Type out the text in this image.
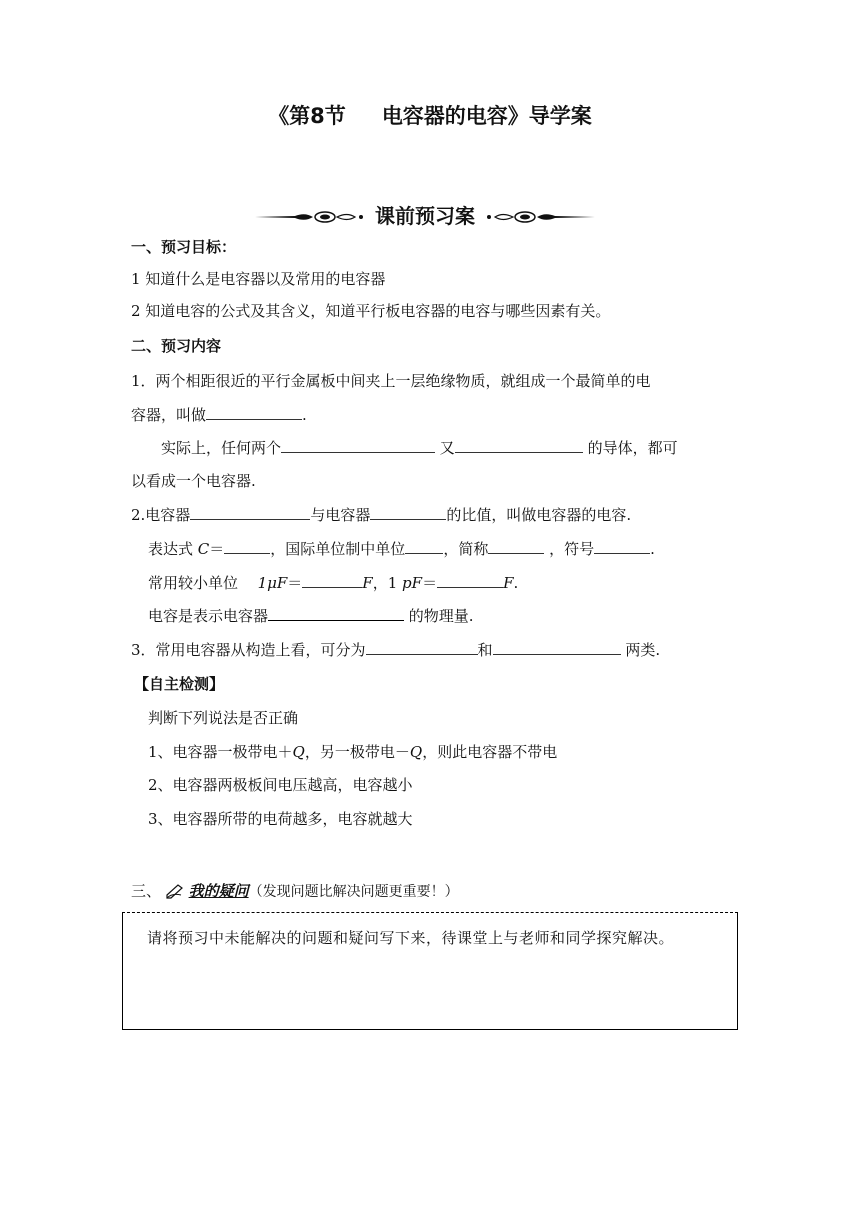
《第8节 电容器的电容》导学案
课前预习案
一、预习目标：
1 知道什么是电容器以及常用的电容器
2 知道电容的公式及其含义，知道平行板电容器的电容与哪些因素有关。
二、预习内容
1．两个相距很近的平行金属板中间夹上一层绝缘物质，就组成一个最简单的电
容器，叫做	.
实际上，任何两个	又	的导体，都可
以看成一个电容器.
2.电容器	与电容器	的比值，叫做电容器的电容.
表达式 C＝	，国际单位制中单位	，简称	，符号	.
常用较小单位 1μF＝	F，1 pF＝	F.
电容是表示电容器	的物理量.
3．常用电容器从构造上看，可分为	和	两类.
【自主检测】
判断下列说法是否正确
1、电容器一极带电＋Q，另一极带电－Q，则此电容器不带电
2、电容器两极板间电压越高，电容越小
3、电容器所带的电荷越多，电容就越大
三、 我的疑问（发现问题比解决问题更重要！）
请将预习中未能解决的问题和疑问写下来，待课堂上与老师和同学探究解决。
